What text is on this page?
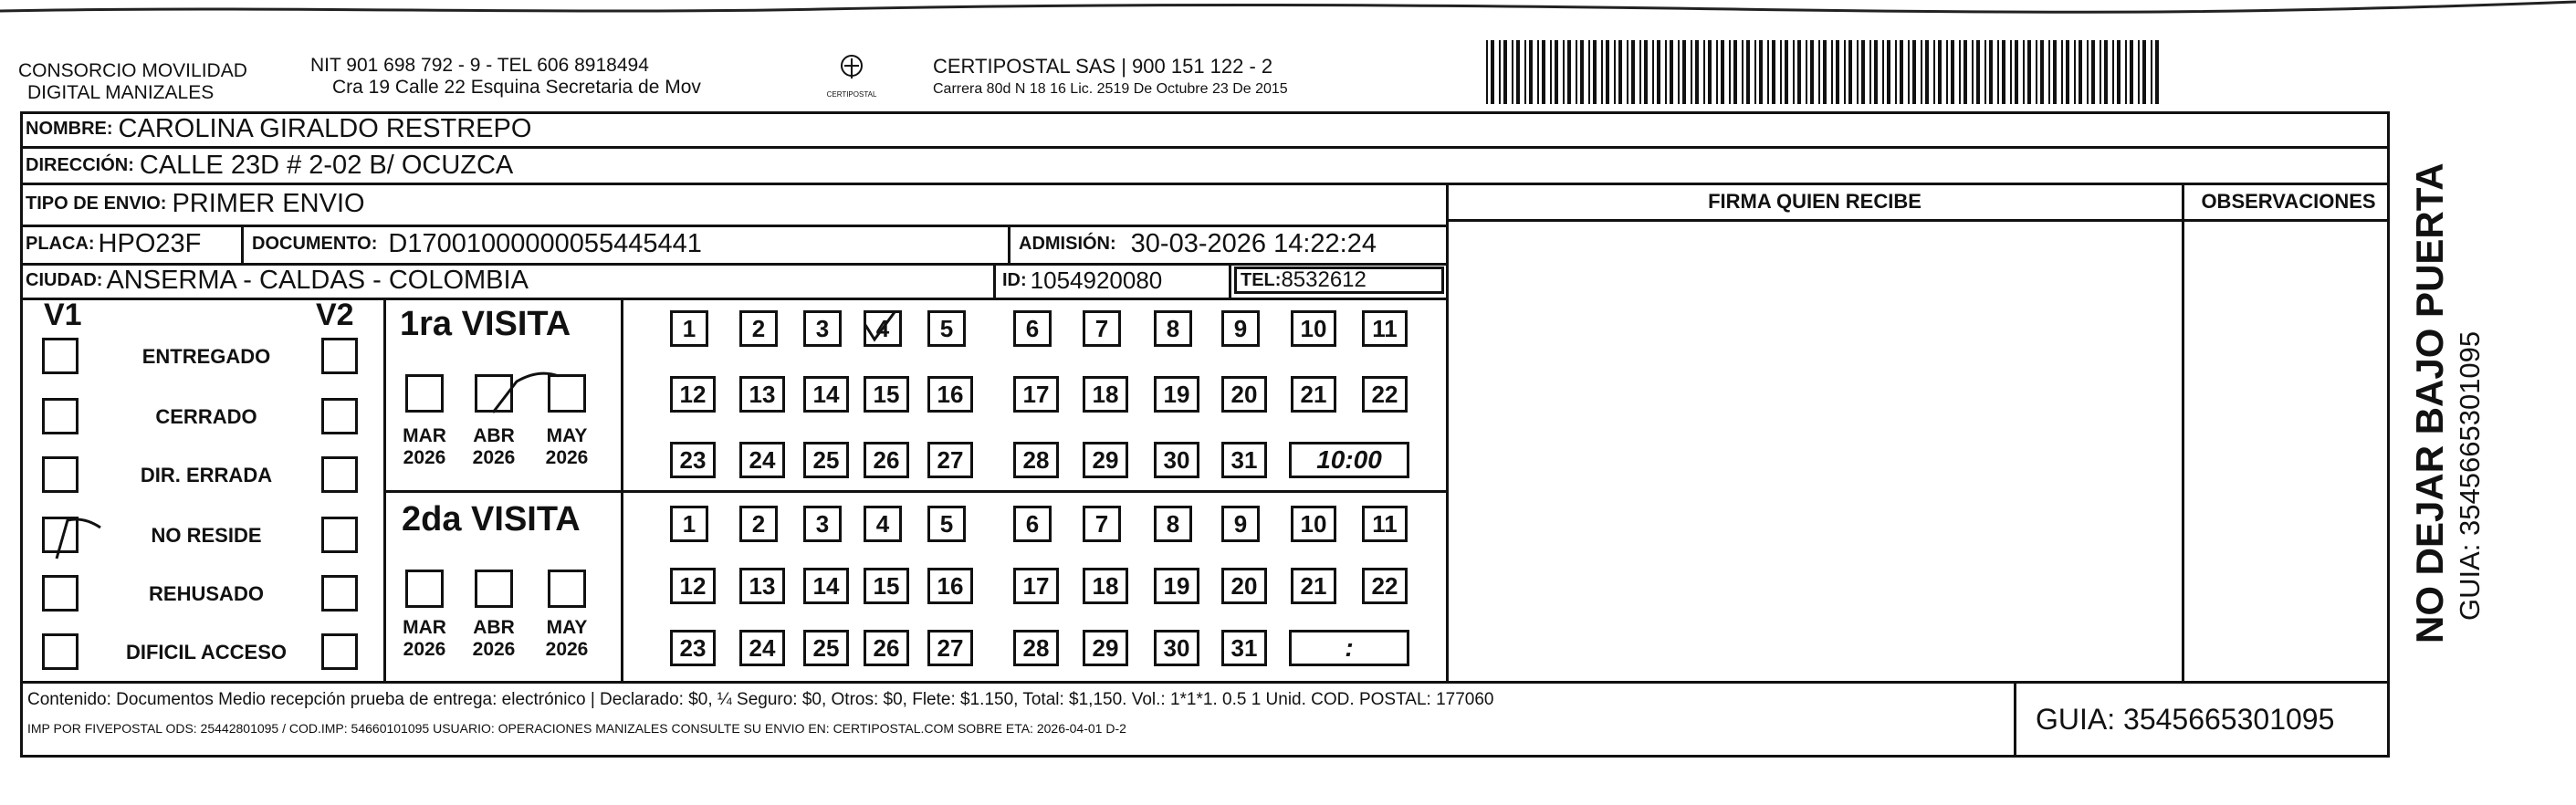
CONSORCIO MOVILIDAD
DIGITAL MANIZALES
NIT 901 698 792 - 9 - TEL 606 8918494
Cra 19 Calle 22 Esquina Secretaria de Mov	CERTIPOSTAL
CERTIPOSTAL SAS | 900 151 122 - 2
Carrera 80d N 18 16 Lic. 2519 De Octubre 23 De 2015
NOMBRE: CAROLINA GIRALDO RESTREPO
DIRECCIÓN: CALLE 23D # 2-02 B/ OCUZCA
TIPO DE ENVIO: PRIMER ENVIO	FIRMA QUIEN RECIBE	OBSERVACIONES
PLACA: HPO23F	DOCUMENTO: D17001000000055445441	ADMISIÓN: 30-03-2026 14:22:24
CIUDAD: ANSERMA - CALDAS - COLOMBIA	ID: 1054920080	TEL: 8532612
V1	V2
ENTREGADO
CERRADO
DIR. ERRADA
NO RESIDE
REHUSADO
DIFICIL ACCESO
1ra VISITA
2da VISITA
MAR
2026
ABR
2026
MAY
2026
1	2	3	4	5	6	7	8	9	10	11
12	13	14	15	16	17	18	19	20	21	22
23	24	25	26	27	28	29	30	31	10:00
MAR
2026
ABR
2026
MAY
2026
1	2	3	4	5	6	7	8	9	10	11
12	13	14	15	16	17	18	19	20	21	22
23	24	25	26	27	28	29	30	31	:
Contenido: Documentos Medio recepción prueba de entrega: electrónico | Declarado: $0, ¼ Seguro: $0, Otros: $0, Flete: $1.150, Total: $1,150. Vol.: 1*1*1. 0.5 1 Unid. COD. POSTAL: 177060
IMP POR FIVEPOSTAL ODS: 25442801095 / COD.IMP: 54660101095 USUARIO: OPERACIONES MANIZALES CONSULTE SU ENVIO EN: CERTIPOSTAL.COM SOBRE ETA: 2026-04-01 D-2	GUIA: 3545665301095
NO DEJAR BAJO PUERTA GUIA: 3545665301095
